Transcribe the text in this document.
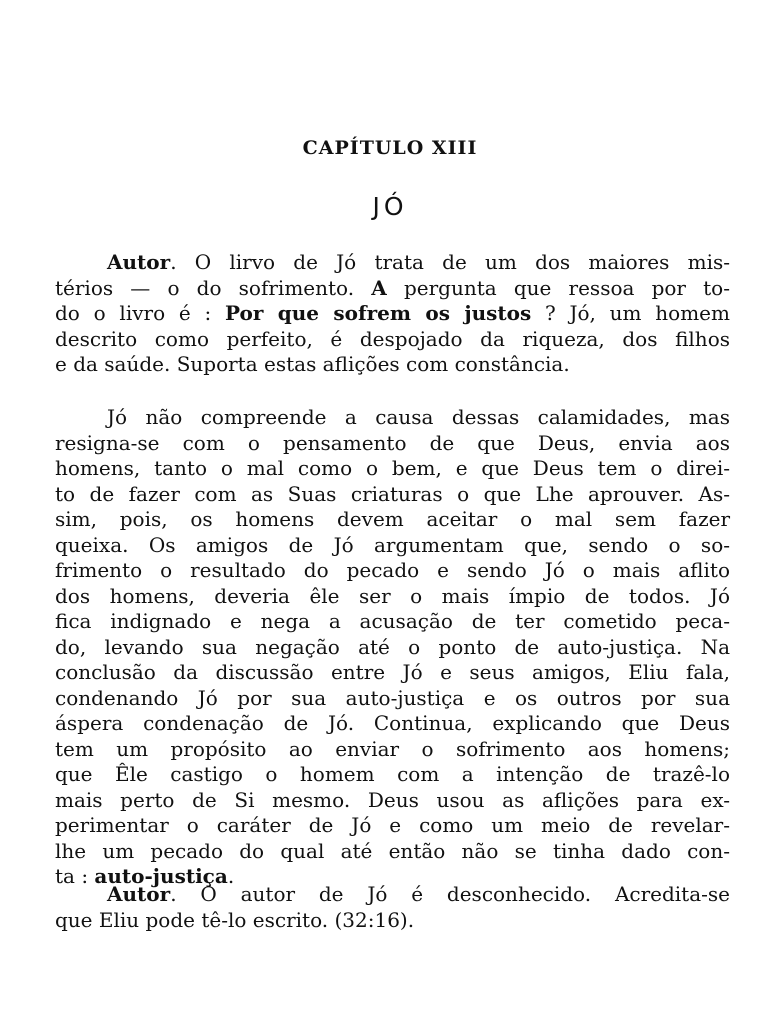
CAPÍTULO XIII
JÓ

Autor. O lirvo de Jó trata de um dos maiores mis-
térios — o do sofrimento. A pergunta que ressoa por to-
do o livro é : Por que sofrem os justos ? Jó, um homem
descrito como perfeito, é despojado da riqueza, dos filhos
e da saúde. Suporta estas aflições com constância.

Jó não compreende a causa dessas calamidades, mas
resigna-se com o pensamento de que Deus, envia aos
homens, tanto o mal como o bem, e que Deus tem o direi-
to de fazer com as Suas criaturas o que Lhe aprouver. As-
sim, pois, os homens devem aceitar o mal sem fazer
queixa. Os amigos de Jó argumentam que, sendo o so-
frimento o resultado do pecado e sendo Jó o mais aflito
dos homens, deveria êle ser o mais ímpio de todos. Jó
fica indignado e nega a acusação de ter cometido peca-
do, levando sua negação até o ponto de auto-justiça. Na
conclusão da discussão entre Jó e seus amigos, Eliu fala,
condenando Jó por sua auto-justiça e os outros por sua
áspera condenação de Jó. Continua, explicando que Deus
tem um propósito ao enviar o sofrimento aos homens;
que Êle castigo o homem com a intenção de trazê-lo
mais perto de Si mesmo. Deus usou as aflições para ex-
perimentar o caráter de Jó e como um meio de revelar-
lhe um pecado do qual até então não se tinha dado con-
ta : auto-justiça.

Autor. O autor de Jó é desconhecido. Acredita-se
que Eliu pode tê-lo escrito. (32:16).
